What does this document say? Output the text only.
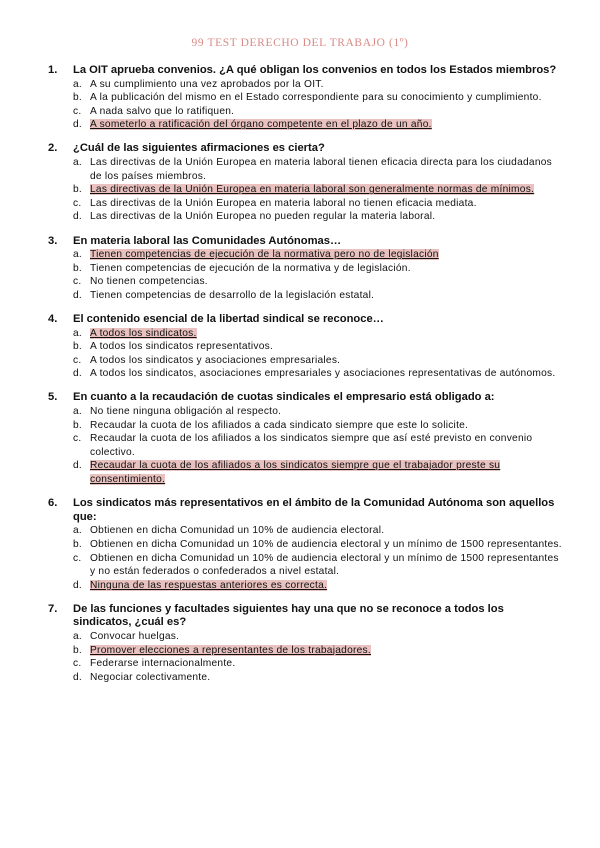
99 TEST DERECHO DEL TRABAJO (1º)
1.	La OIT aprueba convenios. ¿A qué obligan los convenios en todos los Estados miembros?
a. A su cumplimiento una vez aprobados por la OIT.
b. A la publicación del mismo en el Estado correspondiente para su conocimiento y cumplimiento.
c. A nada salvo que lo ratifiquen.
d. A someterlo a ratificación del órgano competente en el plazo de un año.
2.	¿Cuál de las siguientes afirmaciones es cierta?
a. Las directivas de la Unión Europea en materia laboral tienen eficacia directa para los ciudadanos de los países miembros.
b. Las directivas de la Unión Europea en materia laboral son generalmente normas de mínimos.
c. Las directivas de la Unión Europea en materia laboral no tienen eficacia mediata.
d. Las directivas de la Unión Europea no pueden regular la materia laboral.
3.	En materia laboral las Comunidades Autónomas…
a. Tienen competencias de ejecución de la normativa pero no de legislación
b. Tienen competencias de ejecución de la normativa y de legislación.
c. No tienen competencias.
d. Tienen competencias de desarrollo de la legislación estatal.
4.	El contenido esencial de la libertad sindical se reconoce…
a. A todos los sindicatos.
b. A todos los sindicatos representativos.
c. A todos los sindicatos y asociaciones empresariales.
d. A todos los sindicatos, asociaciones empresariales y asociaciones representativas de autónomos.
5.	En cuanto a la recaudación de cuotas sindicales el empresario está obligado a:
a. No tiene ninguna obligación al respecto.
b. Recaudar la cuota de los afiliados a cada sindicato siempre que este lo solicite.
c. Recaudar la cuota de los afiliados a los sindicatos siempre que así esté previsto en convenio colectivo.
d. Recaudar la cuota de los afiliados a los sindicatos siempre que el trabajador preste su consentimiento.
6.	Los sindicatos más representativos en el ámbito de la Comunidad Autónoma son aquellos que:
a. Obtienen en dicha Comunidad un 10% de audiencia electoral.
b. Obtienen en dicha Comunidad un 10% de audiencia electoral y un mínimo de 1500 representantes.
c. Obtienen en dicha Comunidad un 10% de audiencia electoral y un mínimo de 1500 representantes y no están federados o confederados a nivel estatal.
d. Ninguna de las respuestas anteriores es correcta.
7.	De las funciones y facultades siguientes hay una que no se reconoce a todos los sindicatos, ¿cuál es?
a. Convocar huelgas.
b. Promover elecciones a representantes de los trabajadores.
c. Federarse internacionalmente.
d. Negociar colectivamente.
